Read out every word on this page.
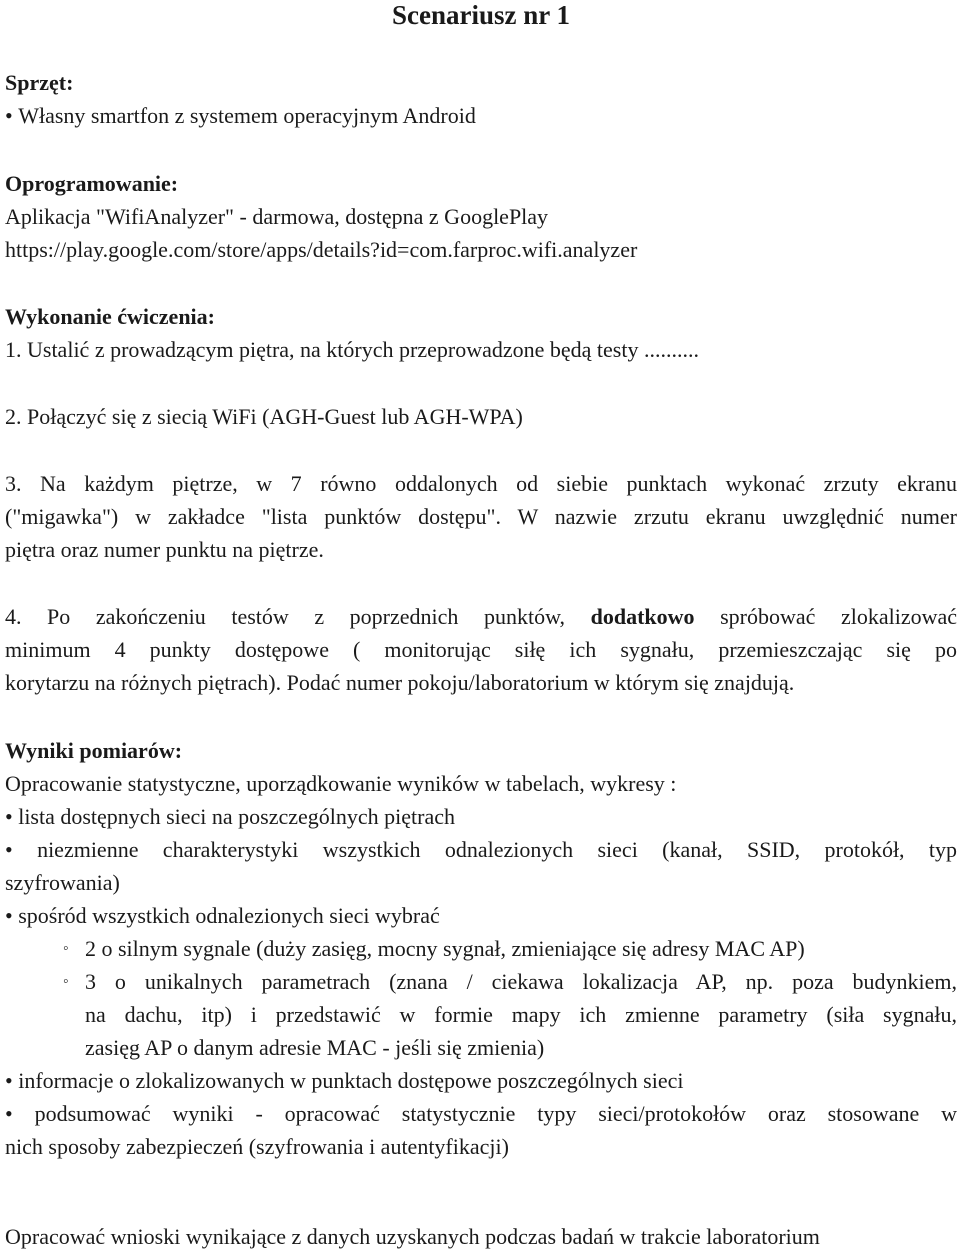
Scenariusz nr 1
Sprzęt:
• Własny smartfon z systemem operacyjnym Android
Oprogramowanie:
Aplikacja "WifiAnalyzer" - darmowa, dostępna z GooglePlay
https://play.google.com/store/apps/details?id=com.farproc.wifi.analyzer
Wykonanie ćwiczenia:
1. Ustalić z prowadzącym piętra, na których przeprowadzone będą testy ..........
2. Połączyć się z siecią WiFi (AGH-Guest lub AGH-WPA)
3. Na każdym piętrze, w 7 równo oddalonych od siebie punktach wykonać zrzuty ekranu
("migawka") w zakładce "lista punktów dostępu". W nazwie zrzutu ekranu uwzględnić numer
piętra oraz numer punktu na piętrze.
4. Po zakończeniu testów z poprzednich punktów, dodatkowo spróbować zlokalizować
minimum 4 punkty dostępowe ( monitorując siłę ich sygnału, przemieszczając się po
korytarzu na różnych piętrach). Podać numer pokoju/laboratorium w którym się znajdują.
Wyniki pomiarów:
Opracowanie statystyczne, uporządkowanie wyników w tabelach, wykresy :
• lista dostępnych sieci na poszczególnych piętrach
• niezmienne charakterystyki wszystkich odnalezionych sieci (kanał, SSID, protokół, typ
szyfrowania)
• spośród wszystkich odnalezionych sieci wybrać
◦ 2 o silnym sygnale (duży zasięg, mocny sygnał, zmieniające się adresy MAC AP)
◦ 3 o unikalnych parametrach (znana / ciekawa lokalizacja AP, np. poza budynkiem,
na dachu, itp) i przedstawić w formie mapy ich zmienne parametry (siła sygnału,
zasięg AP o danym adresie MAC - jeśli się zmienia)
• informacje o zlokalizowanych w punktach dostępowe poszczególnych sieci
• podsumować wyniki - opracować statystycznie typy sieci/protokołów oraz stosowane w
nich sposoby zabezpieczeń (szyfrowania i autentyfikacji)
Opracować wnioski wynikające z danych uzyskanych podczas badań w trakcie laboratorium
